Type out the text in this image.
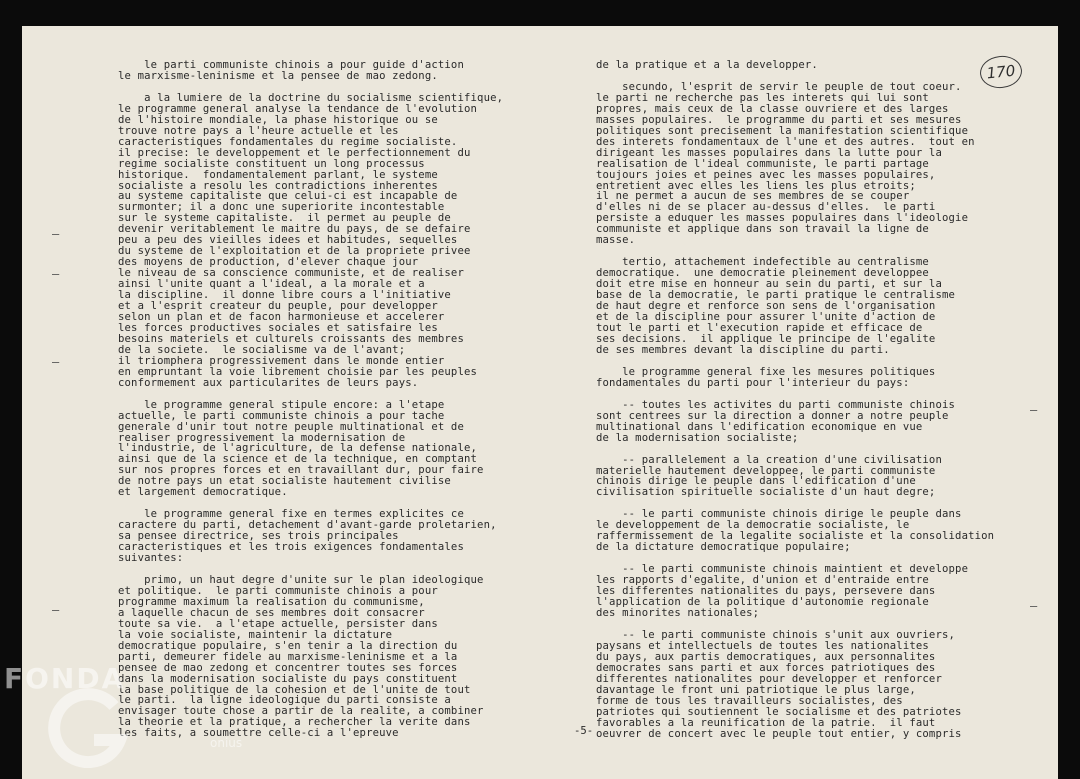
170

le parti communiste chinois a pour guide d'action
le marxisme-leninisme et la pensee de mao zedong.

a la lumiere de la doctrine du socialisme scientifique,
le programme general analyse la tendance de l'evolution
de l'histoire mondiale, la phase historique ou se
trouve notre pays a l'heure actuelle et les
caracteristiques fondamentales du regime socialiste.
il precise: le developpement et le perfectionnement du
regime socialiste constituent un long processus
historique.  fondamentalement parlant, le systeme
socialiste a resolu les contradictions inherentes
au systeme capitaliste que celui-ci est incapable de
surmonter; il a donc une superiorite incontestable
sur le systeme capitaliste.  il permet au peuple de
devenir veritablement le maitre du pays, de se defaire
peu a peu des vieilles idees et habitudes, sequelles
du systeme de l'exploitation et de la propriete privee
des moyens de production, d'elever chaque jour
le niveau de sa conscience communiste, et de realiser
ainsi l'unite quant a l'ideal, a la morale et a
la discipline.  il donne libre cours a l'initiative
et a l'esprit createur du peuple, pour developper
selon un plan et de facon harmonieuse et accelerer
les forces productives sociales et satisfaire les
besoins materiels et culturels croissants des membres
de la societe.  le socialisme va de l'avant;
il triomphera progressivement dans le monde entier
en empruntant la voie librement choisie par les peuples
conformement aux particularites de leurs pays.

le programme general stipule encore: a l'etape
actuelle, le parti communiste chinois a pour tache
generale d'unir tout notre peuple multinational et de
realiser progressivement la modernisation de
l'industrie, de l'agriculture, de la defense nationale,
ainsi que de la science et de la technique, en comptant
sur nos propres forces et en travaillant dur, pour faire
de notre pays un etat socialiste hautement civilise
et largement democratique.

le programme general fixe en termes explicites ce
caractere du parti, detachement d'avant-garde proletarien,
sa pensee directrice, ses trois principales
caracteristiques et les trois exigences fondamentales
suivantes:

primo, un haut degre d'unite sur le plan ideologique
et politique.  le parti communiste chinois a pour
programme maximum la realisation du communisme,
a laquelle chacun de ses membres doit consacrer
toute sa vie.  a l'etape actuelle, persister dans
la voie socialiste, maintenir la dictature
democratique populaire, s'en tenir a la direction du
parti, demeurer fidele au marxisme-leninisme et a la
pensee de mao zedong et concentrer toutes ses forces
dans la modernisation socialiste du pays constituent
la base politique de la cohesion et de l'unite de tout
le parti.  la ligne ideologique du parti consiste a
envisager toute chose a partir de la realite, a combiner
la theorie et la pratique, a rechercher la verite dans
les faits, a soumettre celle-ci a l'epreuve

de la pratique et a la developper.

secundo, l'esprit de servir le peuple de tout coeur.
le parti ne recherche pas les interets qui lui sont
propres, mais ceux de la classe ouvriere et des larges
masses populaires.  le programme du parti et ses mesures
politiques sont precisement la manifestation scientifique
des interets fondamentaux de l'une et des autres.  tout en
dirigeant les masses populaires dans la lutte pour la
realisation de l'ideal communiste, le parti partage
toujours joies et peines avec les masses populaires,
entretient avec elles les liens les plus etroits;
il ne permet a aucun de ses membres de se couper
d'elles ni de se placer au-dessus d'elles.  le parti
persiste a eduquer les masses populaires dans l'ideologie
communiste et applique dans son travail la ligne de
masse.

tertio, attachement indefectible au centralisme
democratique.  une democratie pleinement developpee
doit etre mise en honneur au sein du parti, et sur la
base de la democratie, le parti pratique le centralisme
de haut degre et renforce son sens de l'organisation
et de la discipline pour assurer l'unite d'action de
tout le parti et l'execution rapide et efficace de
ses decisions.  il applique le principe de l'egalite
de ses membres devant la discipline du parti.

le programme general fixe les mesures politiques
fondamentales du parti pour l'interieur du pays:

-- toutes les activites du parti communiste chinois
sont centrees sur la direction a donner a notre peuple
multinational dans l'edification economique en vue
de la modernisation socialiste;

-- parallelement a la creation d'une civilisation
materielle hautement developpee, le parti communiste
chinois dirige le peuple dans l'edification d'une
civilisation spirituelle socialiste d'un haut degre;

-- le parti communiste chinois dirige le peuple dans
le developpement de la democratie socialiste, le
raffermissement de la legalite socialiste et la consolidation
de la dictature democratique populaire;

-- le parti communiste chinois maintient et developpe
les rapports d'egalite, d'union et d'entraide entre
les differentes nationalites du pays, persevere dans
l'application de la politique d'autonomie regionale
des minorites nationales;

-- le parti communiste chinois s'unit aux ouvriers,
paysans et intellectuels de toutes les nationalites
du pays, aux partis democratiques, aux personnalites
democrates sans parti et aux forces patriotiques des
differentes nationalites pour developper et renforcer
davantage le front uni patriotique le plus large,
forme de tous les travailleurs socialistes, des
patriotes qui soutiennent le socialisme et des patriotes
favorables a la reunification de la patrie.  il faut
oeuvrer de concert avec le peuple tout entier, y compris

-5-
–
–
–
–
–
–
FONDA
onius
